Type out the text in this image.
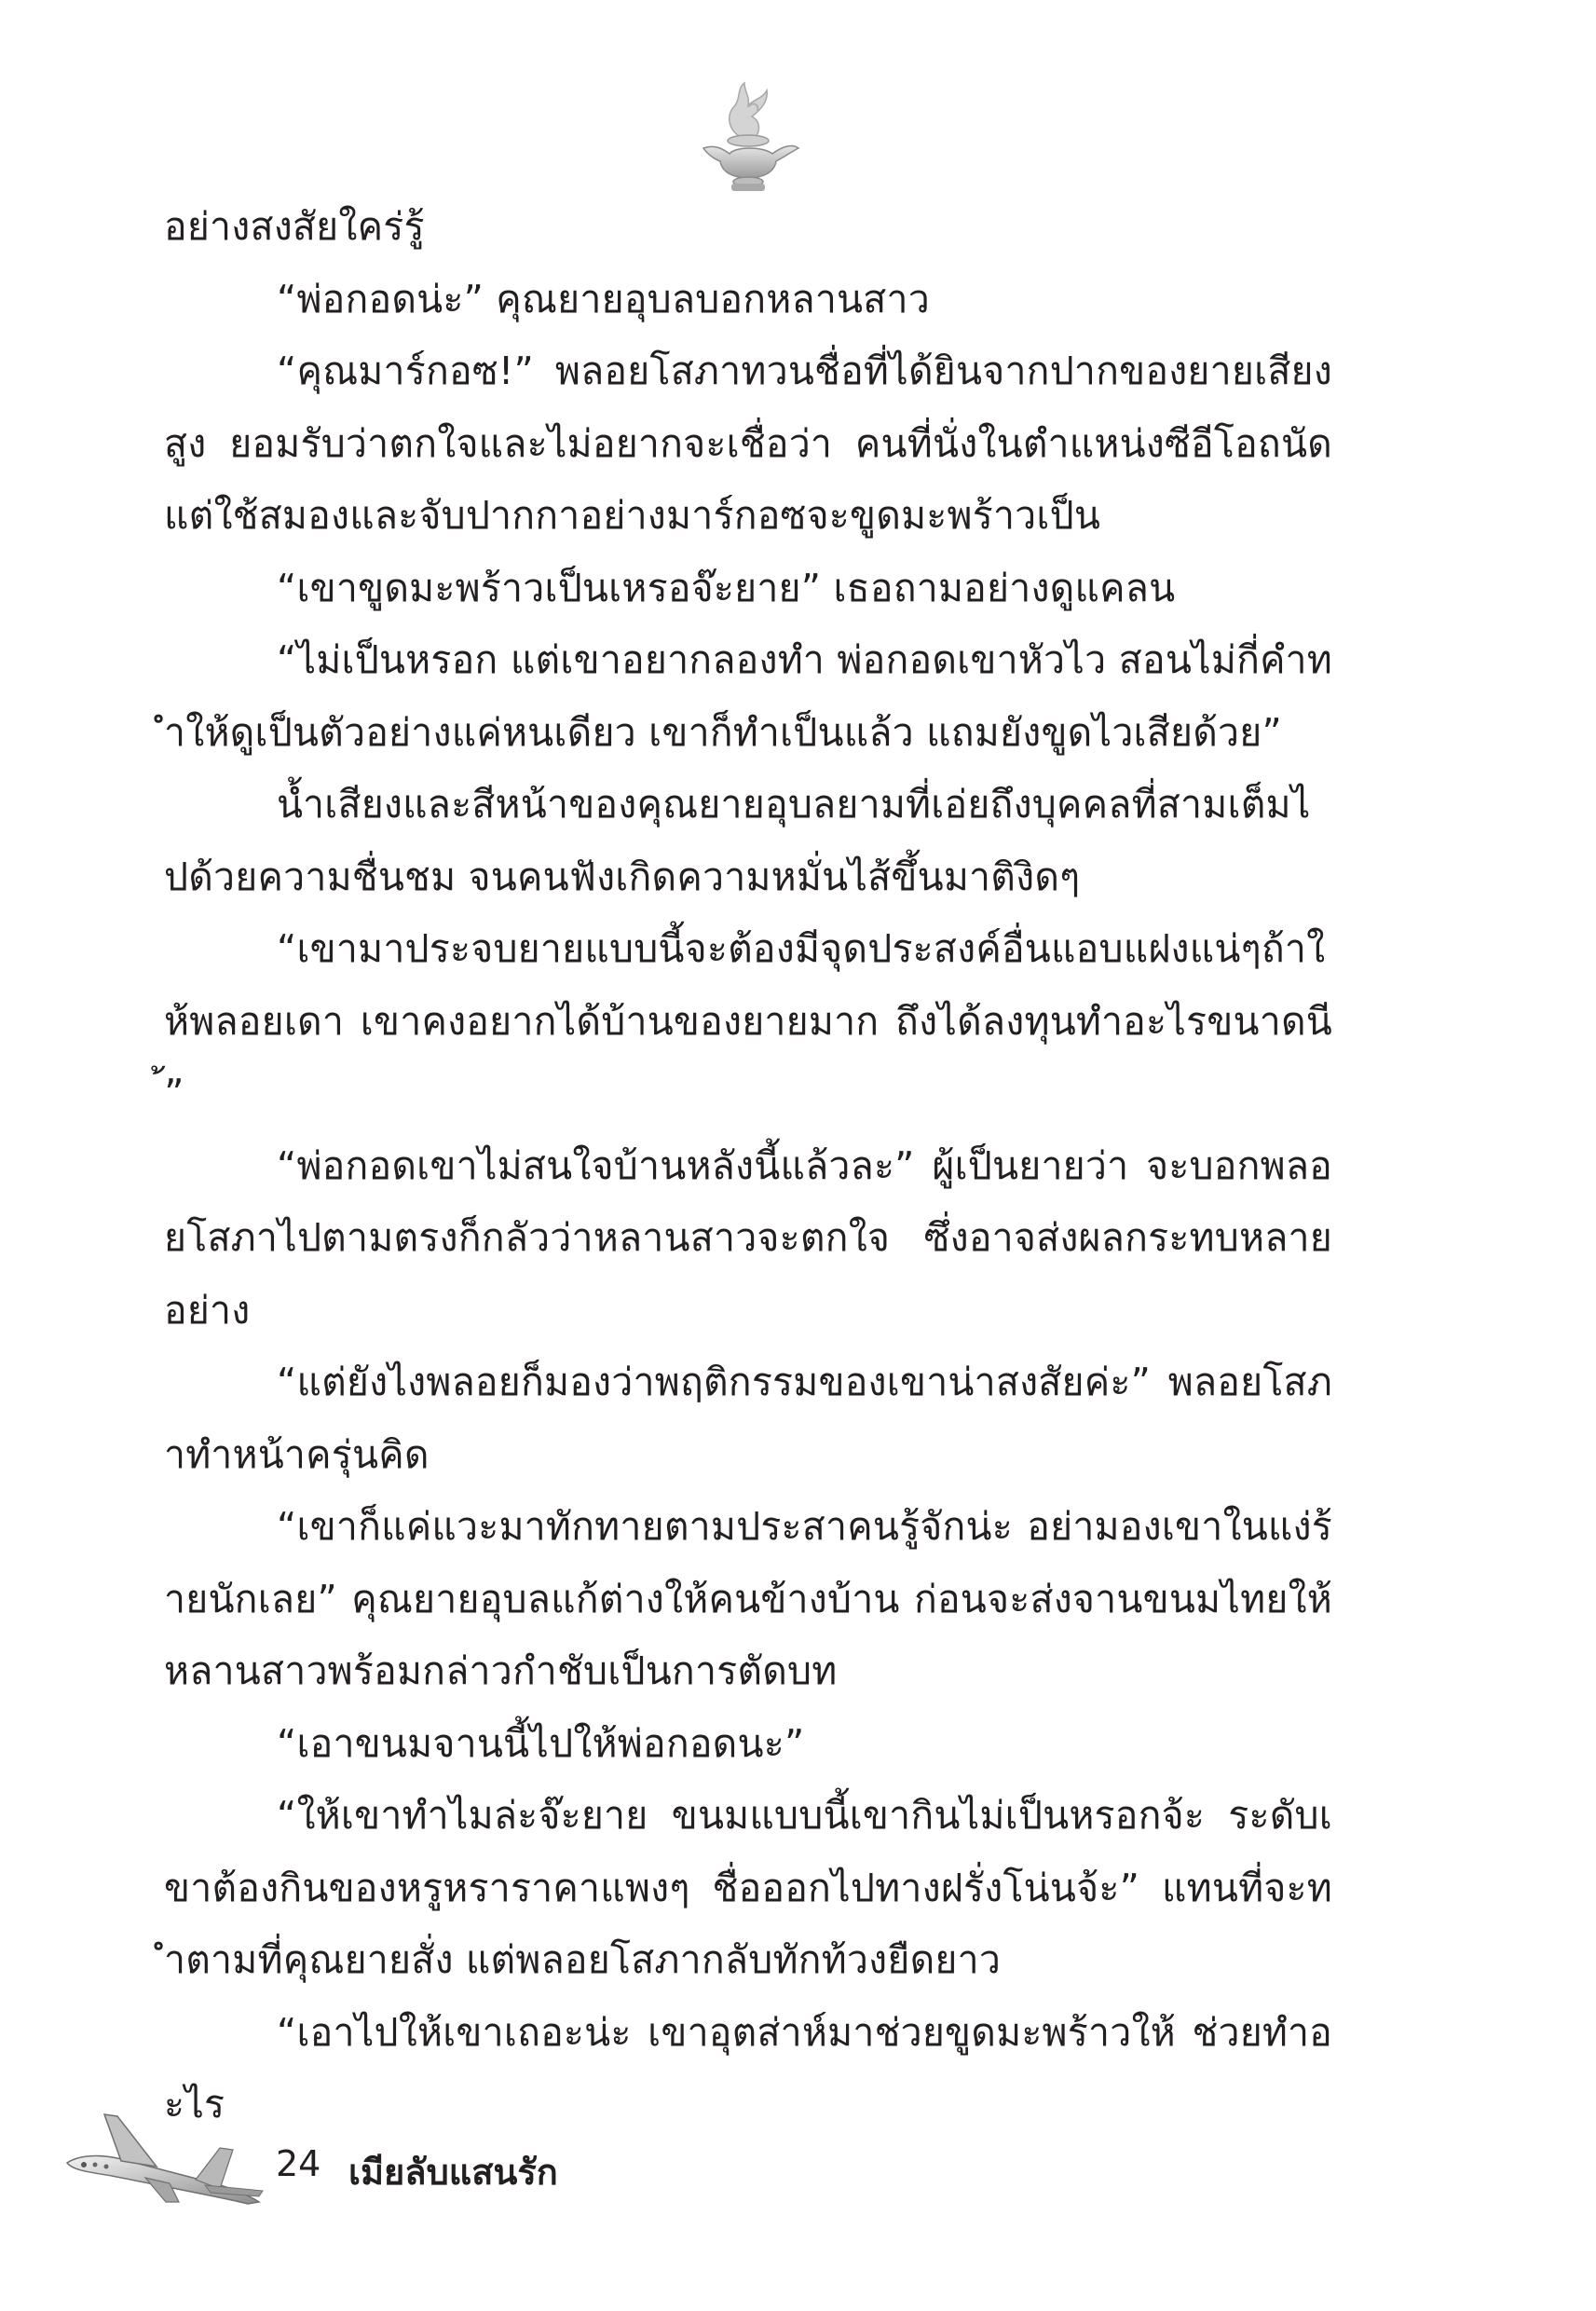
อย่างสงสัยใคร่รู้

“พ่อกอดน่ะ” คุณยายอุบลบอกหลานสาว

“คุณมาร์กอซ!” พลอยโสภาทวนชื่อที่ได้ยินจากปากของยายเสียงสูง ยอมรับว่าตกใจและไม่อยากจะเชื่อว่า คนที่นั่งในตำแหน่งซีอีโอถนัดแต่ใช้สมองและจับปากกาอย่างมาร์กอซจะขูดมะพร้าวเป็น

“เขาขูดมะพร้าวเป็นเหรอจ๊ะยาย” เธอถามอย่างดูแคลน

“ไม่เป็นหรอก แต่เขาอยากลองทำ พ่อกอดเขาหัวไว สอนไม่กี่คำทำให้ดูเป็นตัวอย่างแค่หนเดียว เขาก็ทำเป็นแล้ว แถมยังขูดไวเสียด้วย”

น้ำเสียงและสีหน้าของคุณยายอุบลยามที่เอ่ยถึงบุคคลที่สามเต็มไปด้วยความชื่นชม จนคนฟังเกิดความหมั่นไส้ขึ้นมาติงิดๆ

“เขามาประจบยายแบบนี้จะต้องมีจุดประสงค์อื่นแอบแฝงแน่ๆถ้าให้พลอยเดา เขาคงอยากได้บ้านของยายมาก ถึงได้ลงทุนทำอะไรขนาดนี้”

“พ่อกอดเขาไม่สนใจบ้านหลังนี้แล้วละ” ผู้เป็นยายว่า จะบอกพลอยโสภาไปตามตรงก็กลัวว่าหลานสาวจะตกใจ ซึ่งอาจส่งผลกระทบหลายอย่าง

“แต่ยังไงพลอยก็มองว่าพฤติกรรมของเขาน่าสงสัยค่ะ” พลอยโสภาทำหน้าครุ่นคิด

“เขาก็แค่แวะมาทักทายตามประสาคนรู้จักน่ะ อย่ามองเขาในแง่ร้ายนักเลย” คุณยายอุบลแก้ต่างให้คนข้างบ้าน ก่อนจะส่งจานขนมไทยให้หลานสาวพร้อมกล่าวกำชับเป็นการตัดบท

“เอาขนมจานนี้ไปให้พ่อกอดนะ”

“ให้เขาทำไมล่ะจ๊ะยาย ขนมแบบนี้เขากินไม่เป็นหรอกจ้ะ ระดับเขาต้องกินของหรูหราราคาแพงๆ ชื่อออกไปทางฝรั่งโน่นจ้ะ” แทนที่จะทำตามที่คุณยายสั่ง แต่พลอยโสภากลับทักท้วงยืดยาว

“เอาไปให้เขาเถอะน่ะ เขาอุตส่าห์มาช่วยขูดมะพร้าวให้ ช่วยทำอะไร

24 เมียลับแสนรัก
